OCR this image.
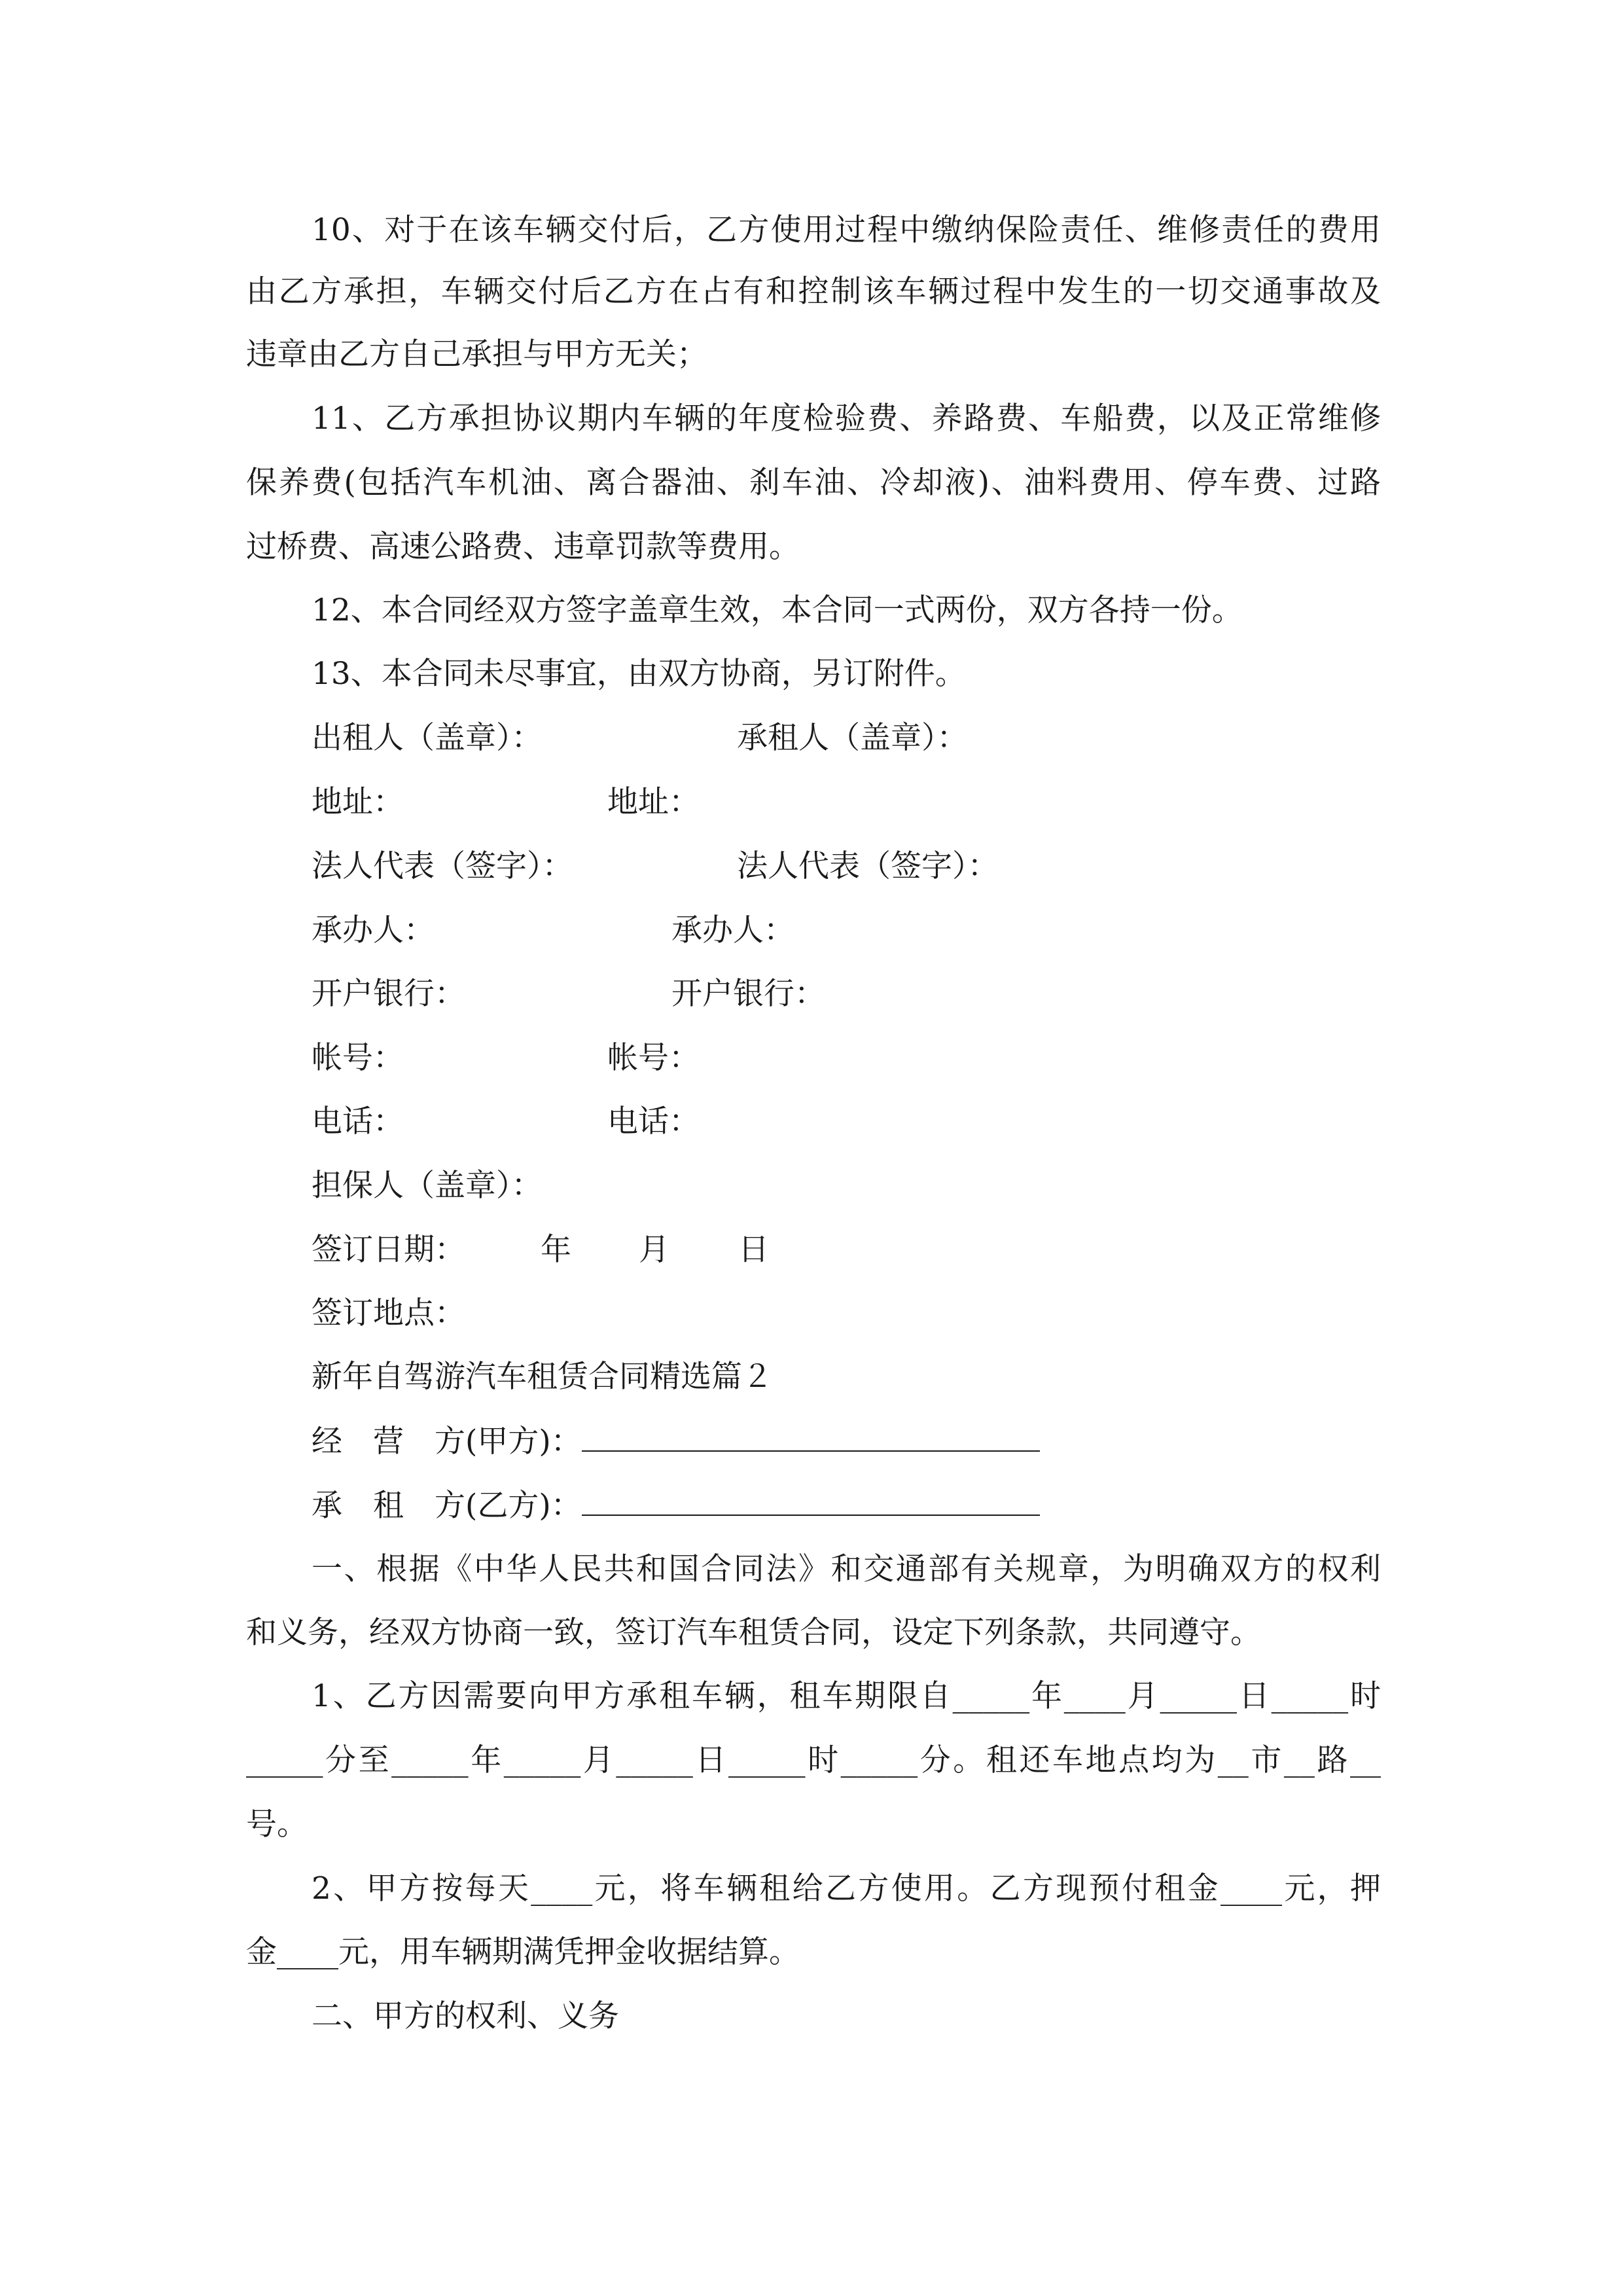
10、对于在该车辆交付后，乙方使用过程中缴纳保险责任、维修责任的费用
由乙方承担，车辆交付后乙方在占有和控制该车辆过程中发生的一切交通事故及
违章由乙方自己承担与甲方无关；
11、乙方承担协议期内车辆的年度检验费、养路费、车船费，以及正常维修
保养费(包括汽车机油、离合器油、刹车油、冷却液)、油料费用、停车费、过路
过桥费、高速公路费、违章罚款等费用。
12、本合同经双方签字盖章生效，本合同一式两份，双方各持一份。
13、本合同未尽事宜，由双方协商，另订附件。
出租人（盖章）：	承租人（盖章）：
地址：	地址：
法人代表（签字）：	法人代表（签字）：
承办人：	承办人：
开户银行：	开户银行：
帐号：	帐号：
电话：	电话：
担保人（盖章）：
签订日期： 年 月 日
签订地点：
新年自驾游汽车租赁合同精选篇２
经　营　方(甲方)：
承　租　方(乙方)：
一、根据《中华人民共和国合同法》和交通部有关规章，为明确双方的权利
和义务，经双方协商一致，签订汽车租赁合同，设定下列条款，共同遵守。
1、乙方因需要向甲方承租车辆，租车期限自_____年____月_____日_____时
_____分至_____年_____月_____日_____时_____分。租还车地点均为__市__路__
号。
2、甲方按每天____元，将车辆租给乙方使用。乙方现预付租金____元，押
金____元，用车辆期满凭押金收据结算。
二、甲方的权利、义务
